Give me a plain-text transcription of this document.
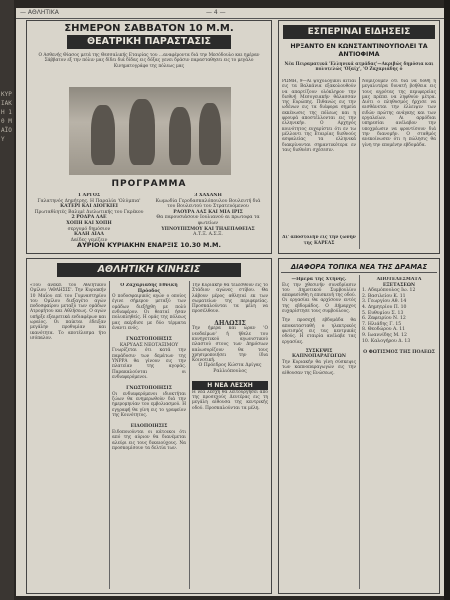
ΚΥΡΙΑΚΗ 10 ΜΑΪΟΥ
— ΑΘΛΗΤΙΚΑ	— 4 —
ΣΗΜΕΡΟΝ ΣΑΒΒΑΤΟΝ 10 Μ.Μ.
ΘΕΑΤΡΙΚΗ ΠΑΡΑΣΤΑΣΙΣ
Ο Ασθενής Θίασος μετά της Θεσσαλικής Εταιρίας του …αναφέροντα διά την Μεσόδουλο και ημέραν Σάββατον εξ την πόλιν μας δίδει διά δίδας εις δόξας γενει δράσιν παρασταθησει εις το μεγάλο Κινηματογράφο της πόλεως μας
ΠΡΟΓΡΑΜΜΑ
1 ΑΡΓΟΣ
Γαλατηνός Δημήτρης. Η Παραλία 'Ολύμπια'
ΚΑΤΕΡΙ ΚΑΙ ΔΙΟΓΚΙΕΙ
Πρωταθλητές Βαλιμέ Διελωτικής του Γκρέκου
2 ΡΟΔΡΑ ΛΑΕ
ΧΟΠΗ ΚΑΙ ΧΟΠΗ
σεργυμό δημόσιον
ΚΑΛΗ ΔΙΑΛ
Δαίδες γεμίζειν
3 ΧΑΧΑΝΗ
Κωμωδία Γεροδασκαλόπουλου Βουλευτή διά του Βουλευτού του Στρατευόμενου
ΡΑΟΥΡΑ ΛΑΣ ΚΑΙ ΜΙΑ ΙΡΙΣ
Θα παρουσιάσουν Ιουλιανού αι πρωτοφα τα φωτείων
ΥΠΝΟΥΠΙΣΜΟΥ ΚΑΙ ΤΗΛΕΠΑΘΕΙΑΣ
Α.Τ.Ξ. Α.Σ.Ξ.
ΑΥΡΙΟΝ ΚΥΡΙΑΚΗΝ ΕΝΑΡΞΙΣ 10.30 Μ.Μ.
ΕΣΠΕΡΙΝΑΙ ΕΙΔΗΣΕΙΣ
ΗΡΞΑΝΤΟ ΕΝ ΚΩΝΣΤΑΝΤΙΝΟΥΠΟΛΕΙ ΤΑ ΑΝΤΙΟΦΙΜΑ
Νέα Πειραματικά 'Ελληνικά ατμάδας'—Ακριβώς δημόσια και πολυτελώς 'Οξαίχ', 'Ο Ζαχαριάδης ό
ΡΩΜΗ, 9—Αι ψυχολογικοί αιτίαι εις τα Βαλκάνια εξακολουθούν να απαρτίζουν ολόκληρον την διεθνή Μεσογειακήν θάλασσαν της Ευρώπης. Πιθανώς εις την ωδένων εις τα διάφορα σημεία εκκένωσις της πόλεως και η φρουρά αποστέλλονται εις την ελληνικήν. Ο Αρχηγός κοινότητος ευχαρίστει ότι εν τω μέλλοντι της Εταιρίας διεθνούς ασφαλείας τα ελληνικά διακρίνονται σημαντικότερα εν ταις διεθνέσι σχέσεσιν.
Δι' αποστολήν εις την ζώνην της ΚΑΡΕΑΣ
Νομίζουμεν ότι διά να δοθή η μεγαλυτέρα δυνατή βοήθεια εις τους αγρότας της περιφερείας μας πρέπει να ληφθούν μέτρα. Διότι ο πληθυσμός ήρχισε να αισθάνεται την έλλειψιν των ειδών πρώτης ανάγκης και των εργαλείων. Αι αρμόδιαι υπηρεσίαι ανέλαβον την υποχρέωσιν να φροντίσουν διά την διανομήν. Ο σταθμός ανεκοίνωσεν ότι η πώλησις θα γίνη την επομένην εβδομάδα.
ΑΘΛΗΤΙΚΗ ΚΙΝΗΣΙΣ
«Του ανεκεί του Αθλητικού Ομίλου 'ΑΘΛΗΣΙΣ'. Την Κυριακήν 10 Μαΐου επί του Γυμναστηρίου του Ομίλου διεξαγέτο αγών ποδοσφαίρου μεταξύ των ομάδων Ατρομήτου και Αθλήσεως. Ο αγών υπήρξε εξαιρετικά ενδιαφέρων και ωραίος. Οι παίκται έδειξαν μεγάλην προθυμίαν και ικανότητα. Το αποτέλεσμα ήτο ισόπαλον.
Ο Ζαχαριάδης Εθνική Πρόοδος
Ο ποδοσφαιρικός αγών ο οποίος έγινε σήμερον μεταξύ των ομάδων διεξήχθη με πολύ ενδιαφέρον. Οι θεαταί ήσαν πολυπληθείς. Η ομάς της πόλεως μας εκέρδισε με δύο τέρματα έναντι ενός.
ΓΝΩΣΤΟΠΟΙΗΣΙΣ
ΚΑΡΥΔΑΣ ΝΕΟΤΑΞΙΜΟΥ
Γνωρίζεται ότι κατά την παράδοσιν των δεμάτων της ΥΝΡΡΑ θα γίνουν εις την πλατείαν της αγοράς. Παρακαλούνται οι ενδιαφερόμενοι.
ΓΝΩΣΤΟΠΟΙΗΣΙΣ
Οι ενδιαφερόμενοι ιδιοκτήται ζώων θα ενημερωθούν διά την ημερομηνίαν του εμβολιασμού. Η εγγραφή θα γίνη εις το γραφείον της Κοινότητος.
ΕΙΔΟΠΟΙΗΣΙΣ
Ειδοποιούνται οι κάτοικοι ότι από της αύριον θα διανέμεται αλεύρι εις τους δικαιούχους. Να προσκομίσουν τα δελτία των.
Την Κυριακήν θα τελεσθούν εις το Στάδιον αγώνες στίβου. Θα λάβουν μέρος αθληταί εκ των σωματείων της περιφερείας. Προσκαλούνται τα μέλη να προσέλθουν.
ΔΗΛΩΣΙΣ
Την ήμερα και ώραν 'Ο νεοδαίμων' ή ήθελε του κυνηγετικού αγωνιστικού πλαστού στους των Δημόσιων καλωσορίζουν θα τους χρησιμοποιήσει την ίδια Κοινοτική.
Ο Πρόεδρος Κώστα Δρίγας Ραλλιόπουλος
Η ΝΕΑ ΛΕΣΧΗ
Η νέα λέσχη θα λειτουργήσει από της προσεχούς Δευτέρας εις τη μεγάλη αίθουσα της κεντρικής οδού. Προσκαλούνται τα μέλη.
ΔΙΑΦΟΡΑ ΤΟΠΙΚΑ ΝΕΑ ΤΗΣ ΔΡΑΜΑΣ
—Ημέρα της Χτήνης.
Εις την χθεσινήν συνεδρίασιν του Δημοτικού Συμβουλίου απεφασίσθη η επισκευή της οδού. Οι εργασίαι θα αρχίσουν εντός της εβδομάδος. Ο Δήμαρχος ευχαρίστησε τους συμβούλους.
Την προσεχή εβδομάδα θα αποκατασταθή ο ηλεκτρικός φωτισμός εις τας κεντρικάς οδούς. Η εταιρία ανέλαβε τας εργασίας.
ΣΥΣΚΕΨΙΣ ΚΑΠΝΟΠΑΡΑΓΩΓΩΝ
Την Κυριακήν θα γίνη σύσκεψις των καπνοπαραγωγών εις την αίθουσαν της Ενώσεως.
ΑΠΟΤΕΛΕΣΜΑΤΑ ΕΞΕΤΑΣΕΩΝ
1. Αδαμόπουλος Ιω. 12
2. Βασιλείου Κ. 11
3. Γεωργίου Αθ. 14
4. Δημητρίου Π. 10
5. Ευθυμίου Σ. 13
6. Ζαφειρίου Ν. 12
7. Ηλιάδης Γ. 15
8. Θεοδώρου Α. 11
9. Ιωαννίδης Μ. 12
10. Καλογήρου Δ. 13
Ο ΦΩΤΙΣΜΟΣ ΤΗΣ ΠΟΛΕΩΣ
